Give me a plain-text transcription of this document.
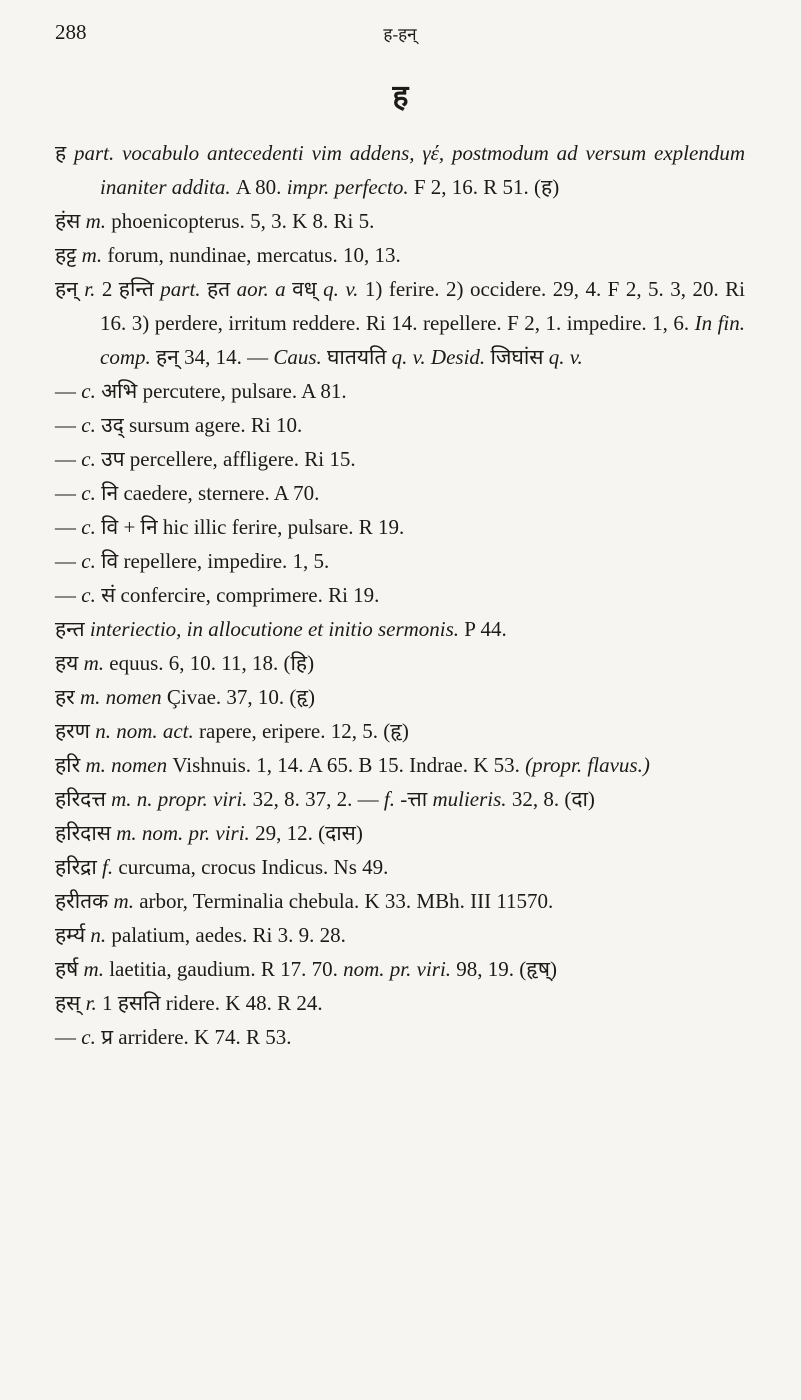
288	ह-हन्
ह

ह part. vocabulo antecedenti vim addens, γέ, postmodum ad versum explendum inaniter addita. A 80. impr. perfecto. F 2, 16. R 51. (ह)

हंस m. phoenicopterus. 5, 3. K 8. Ri 5.

हट्ट m. forum, nundinae, mercatus. 10, 13.

हन् r. 2 हन्ति part. हत aor. a वध् q. v. 1) ferire. 2) occidere. 29, 4. F 2, 5. 3, 20. Ri 16. 3) perdere, irritum reddere. Ri 14. repellere. F 2, 1. impedire. 1, 6. In fin. comp. हन् 34, 14. — Caus. घातयति q. v. Desid. जिघांस q. v.

— c. अभि percutere, pulsare. A 81.

— c. उद् sursum agere. Ri 10.

— c. उप percellere, affligere. Ri 15.

— c. नि caedere, sternere. A 70.

— c. वि + नि hic illic ferire, pulsare. R 19.

— c. वि repellere, impedire. 1, 5.

— c. सं confercire, comprimere. Ri 19.

हन्त interiectio, in allocutione et initio sermonis. P 44.

हय m. equus. 6, 10. 11, 18. (हि)

हर m. nomen Çivae. 37, 10. (हृ)

हरण n. nom. act. rapere, eripere. 12, 5. (हृ)

हरि m. nomen Vishnuis. 1, 14. A 65. B 15. Indrae. K 53. (propr. flavus.)

हरिदत्त m. n. propr. viri. 32, 8. 37, 2. — f. -त्ता mulieris. 32, 8. (दा)

हरिदास m. nom. pr. viri. 29, 12. (दास)

हरिद्रा f. curcuma, crocus Indicus. Ns 49.

हरीतक m. arbor, Terminalia chebula. K 33. MBh. III 11570.

हर्म्य n. palatium, aedes. Ri 3. 9. 28.

हर्ष m. laetitia, gaudium. R 17. 70. nom. pr. viri. 98, 19. (हृष्)

हस् r. 1 हसति ridere. K 48. R 24.

— c. प्र arridere. K 74. R 53.
